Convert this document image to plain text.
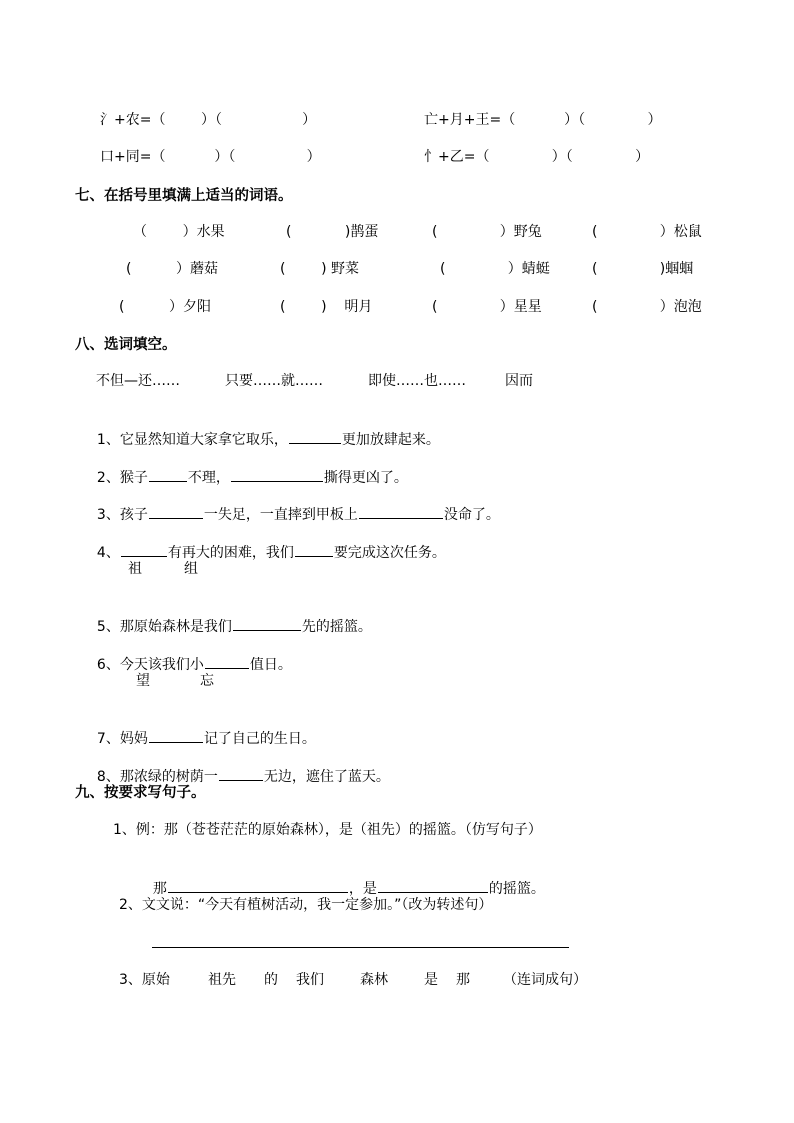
氵+农=（        ）（                  ）	亡+月+王=（           ）（              ）
口+同=（           ）（                ）	忄+乙=（              ）（              ）
七、在括号里填满上适当的词语。
（        ）水果	(            )鹊蛋	(              ）野兔	(              ）松鼠
(          ）蘑菇	(        ) 野菜	(              ）蜻蜓	(              )蝈蝈
(          ）夕阳	(        )    明月	(              ）星星	(              ）泡泡
八、选词填空。
不但—还……	只要……就……	即使……也……	因而

1、它显然知道大家拿它取乐，	更加放肆起来。

2、猴子	不理，	撕得更凶了。

3、孩子	一失足，一直摔到甲板上	没命了。

4、	有再大的困难，我们	要完成这次任务。

祖	组

5、那原始森林是我们	先的摇篮。

6、今天该我们小	值日。

望	忘

7、妈妈	记了自己的生日。

8、那浓绿的树荫一	无边，遮住了蓝天。

九、按要求写句子。
1、例：那（苍苍茫茫的原始森林），是（祖先）的摇篮。（仿写句子）

那	，是	的摇篮。

2、文文说：“今天有植树活动，我一定参加。”（改为转述句）
3、原始	祖先 的 我们	森林	是 那 （连词成句）
